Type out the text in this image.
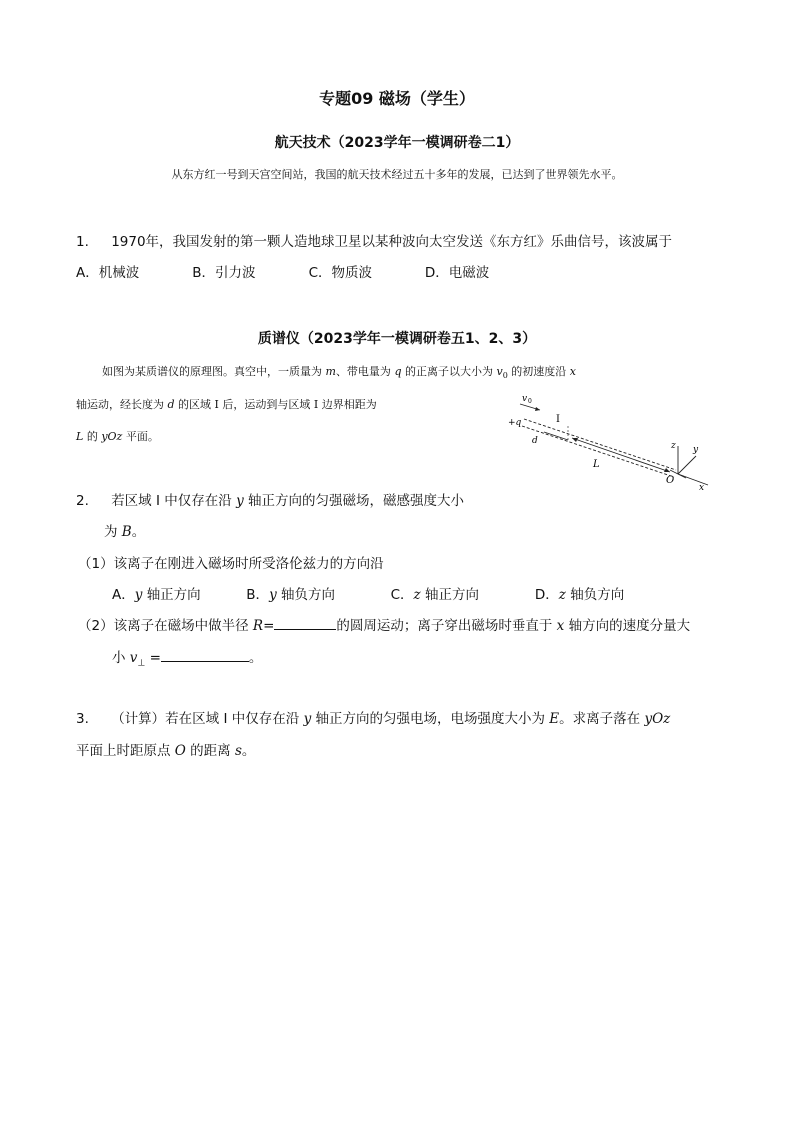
专题09 磁场（学生）
航天技术（2023学年一模调研卷二1）
从东方红一号到天宫空间站，我国的航天技术经过五十多年的发展，已达到了世界领先水平。
1. 1970年，我国发射的第一颗人造地球卫星以某种波向太空发送《东方红》乐曲信号，该波属于
A．机械波	B．引力波	C．物质波	D．电磁波
质谱仪（2023学年一模调研卷五1、2、3）
如图为某质谱仪的原理图。真空中，一质量为 m、带电量为 q 的正离子以大小为 $v_0$ 的初速度沿 x
轴运动，经长度为 d 的区域 Ⅰ 后，运动到与区域 Ⅰ 边界相距为
L 的 yOz 平面。
v 0
I
+q
d
L
z y
O
x
2. 若区域 Ⅰ 中仅存在沿 y 轴正方向的匀强磁场，磁感强度大小
为 B。
（1）该离子在刚进入磁场时所受洛伦兹力的方向沿
A．y 轴正方向	B．y 轴负方向	C．z 轴正方向	D．z 轴负方向
（2）该离子在磁场中做半径 R=	的圆周运动；离子穿出磁场时垂直于 x 轴方向的速度分量大
小 $v_\perp$ =	。
3. （计算）若在区域 Ⅰ 中仅存在沿 y 轴正方向的匀强电场，电场强度大小为 E。求离子落在 yOz
平面上时距原点 O 的距离 s。
